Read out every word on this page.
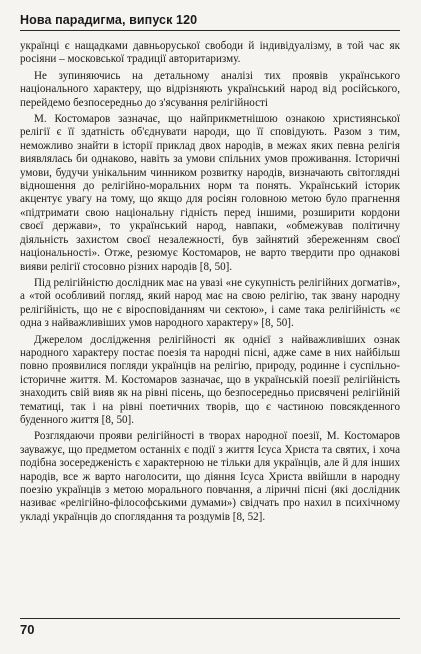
Нова парадигма, випуск 120

українці є нащадками давньоруської свободи й індивідуалізму, в той час як росіяни – московської традиції авторитаризму.

Не зупиняючись на детальному аналізі тих проявів українського національного характеру, що відрізняють український народ від російського, перейдемо безпосередньо до з'ясування релігійності

М. Костомаров зазначає, що найприкметнішою ознакою християнської релігії є її здатність об'єднувати народи, що її сповідують. Разом з тим, неможливо знайти в історії приклад двох народів, в межах яких певна релігія виявлялась би однаково, навіть за умови спільних умов проживання. Історичні умови, будучи унікальним чинником розвитку народів, визначають світоглядні відношення до релігійно-моральних норм та понять. Український історик акцентує увагу на тому, що якщо для росіян головною метою було прагнення «підтримати свою національну гідність перед іншими, розширити кордони своєї держави», то український народ, навпаки, «обмежував політичну діяльність захистом своєї незалежності, був зайнятий збереженням своєї національності». Отже, резюмує Костомаров, не варто твердити про однакові вияви релігії стосовно різних народів [8, 50].

Під релігійністю дослідник має на увазі «не сукупність релігійних догматів», а «той особливий погляд, який народ має на свою релігію, так звану народну релігійність, що не є віросповіданням чи сектою», і саме така релігійність «є одна з найважливіших умов народного характеру» [8, 50].

Джерелом дослідження релігійності як однієї з найважливіших ознак народного характеру постає поезія та народні пісні, адже саме в них найбільш повно проявилися погляди українців на релігію, природу, родинне і суспільно-історичне життя. М. Костомаров зазначає, що в українській поезії релігійність знаходить свій вияв як на рівні пісень, що безпосередньо присвячені релігійній тематиці, так і на рівні поетичних творів, що є частиною повсякденного буденного життя [8, 50].

Розглядаючи прояви релігійності в творах народної поезії, М. Костомаров зауважує, що предметом останніх є події з життя Ісуса Христа та святих, і хоча подібна зосередженість є характерною не тільки для українців, але й для інших народів, все ж варто наголосити, що діяння Ісуса Христа ввійшли в народну поезію українців з метою морального повчання, а ліричні пісні (які дослідник називає «релігійно-філософськими думами») свідчать про нахил в психічному укладі українців до споглядання та роздумів [8, 52].

70
